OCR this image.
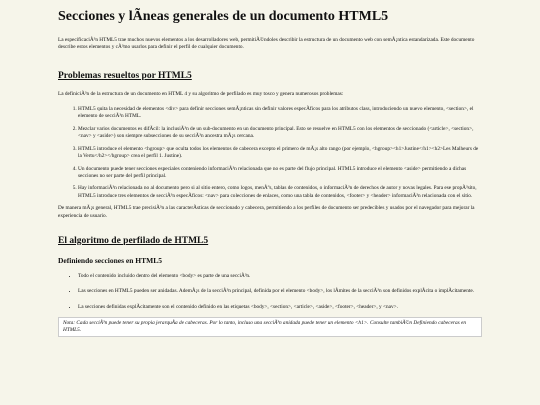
Secciones y lÃneas generales de un documento HTML5

La especificaciÃ³n HTML5 trae muchos nuevos elementos a los desarrolladores web, permitiÃ©ndoles describir la estructura de un documento web con semÃ¡ntica estandarizada. Este documento describe estos elementos y cÃ³mo usarlos para definir el perfil de cualquier documento.

Problemas resueltos por HTML5

La definiciÃ³n de la estructura de un documento en HTML 4 y su algoritmo de perfilado es muy tosco y genera numerosos problemas:

1. HTML5 quita la necesidad de elementos <div> para definir secciones semÃ¡nticas sin definir valores especÃficos para los atributos class, introduciendo un nuevo elemento, <section>, el elemento de secciÃ³n HTML.
2. Mezclar varios documentos es difÃcil: la inclusiÃ³n de un sub-documento en un documento principal. Esto se resuelve en HTML5 con los elementos de seccionado (<article>, <section>, <nav> y <aside>) son siempre subsecciones de su secciÃ³n ancestra mÃ¡s cercana.
3. HTML5 introduce el elemento <hgroup> que oculta todos los elementos de cabecera excepto el primero de mÃ¡s alto rango (por ejemplo, <hgroup><h1>Justine</h1><h2>Les Malheurs de la Vertu</h2></hgroup> crea el perfil 1. Justine).
4. Un documento puede tener secciones especiales conteniendo informaciÃ³n relacionada que no es parte del flujo principal. HTML5 introduce el elemento <aside> permitiendo a dichas secciones no ser parte del perfil principal.
5. Hay informaciÃ³n relacionada no al documento pero si al sitio entero, como logos, menÃºs, tablas de contenidos, o informaciÃ³n de derechos de autor y novas legales. Para ese propÃ³sito, HTML5 introduce tres elementos de secciÃ³n especÃficos: <nav> para colecciones de enlaces, como una tabla de contenidos, <footer> y <header> informaciÃ³n relacionada con el sitio.

De manera mÃ¡s general, HTML5 trae precisiÃ³n a las caracterÃsticas de seccionado y cabecera, permitiendo a los perfiles de documento ser predecibles y usados por el navegador para mejorar la experiencia de usuario.

El algoritmo de perfilado de HTML5
Definiendo secciones en HTML5
• Todo el contenido incluido dentro del elemento <body> es parte de una secciÃ³n.
• Las secciones en HTML5 pueden ser anidadas. AdemÃ¡s de la secciÃ³n principal, definida por el elemento <body>, los lÃmites de la secciÃ³n son definidos explÃcita o implÃcitamente.
• La secciones definidas explÃcitamente son el contenido definido en las etiquetas <body>, <section>, <article>, <aside>, <footer>, <header>, y <nav>.
Nota: Cada secciÃ³n puede tener su propia jerarquÃa de cabeceras. Por lo tanto, incluso una secciÃ³n anidada puede tener un elemento <h1>. Consulte tambiÃ©n Definiendo cabeceras en HTML5.
